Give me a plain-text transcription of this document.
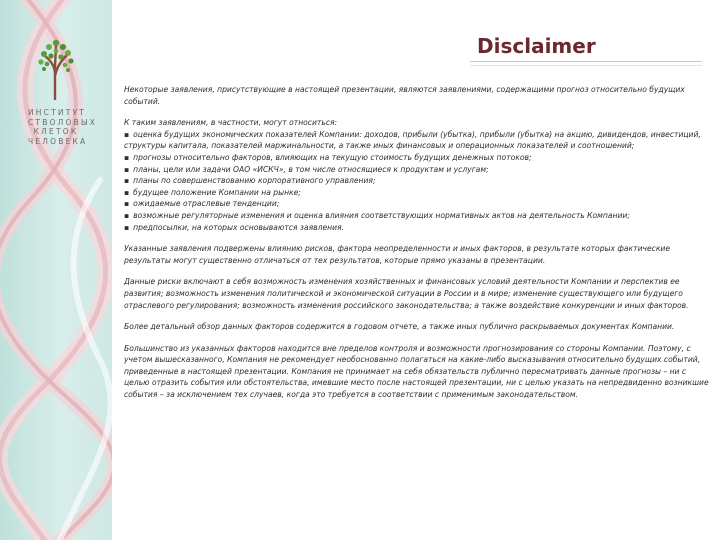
ИНСТИТУТ
СТВОЛОВЫХ
КЛЕТОК
ЧЕЛОВЕКА
Disclaimer

Некоторые заявления, присутствующие в настоящей презентации, являются заявлениями, содержащими прогноз относительно будущих событий.

К таким заявлениям, в частности, могут относиться:

▪ оценка будущих экономических показателей Компании: доходов, прибыли (убытка), прибыли (убытка) на акцию, дивидендов, инвестиций, структуры капитала, показателей маржинальности, а также иных финансовых и операционных показателей и соотношений;
▪ прогнозы относительно факторов, влияющих на текущую стоимость будущих денежных потоков;
▪ планы, цели или задачи ОАО «ИСКЧ», в том числе относящиеся к продуктам и услугам;
▪ планы по совершенствованию корпоративного управления;
▪ будущее положение Компании на рынке;
▪ ожидаемые отраслевые тенденции;
▪ возможные регуляторные изменения и оценка влияния соответствующих нормативных актов на деятельность Компании;
▪ предпосылки, на которых основываются заявления.

Указанные заявления подвержены влиянию рисков, фактора неопределенности и иных факторов, в результате которых фактические результаты могут существенно отличаться от тех результатов, которые прямо указаны в презентации.

Данные риски включают в себя возможность изменения хозяйственных и финансовых условий деятельности Компании и перспектив ее развития; возможность изменения политической и экономической ситуации в России и в мире; изменение существующего или будущего отраслевого регулирования; возможность изменения российского законодательства; а также воздействие конкуренции и иных факторов.

Более детальный обзор данных факторов содержится в годовом отчете, а также иных публично раскрываемых документах Компании.

Большинство из указанных факторов находится вне пределов контроля и возможности прогнозирования со стороны Компании. Поэтому, с учетом вышесказанного, Компания не рекомендует необоснованно полагаться на какие-либо высказывания относительно будущих событий, приведенные в настоящей презентации. Компания не принимает на себя обязательств публично пересматривать данные прогнозы – ни с целью отразить события или обстоятельства, имевшие место после настоящей презентации, ни с целью указать на непредвиденно возникшие события – за исключением тех случаев, когда это требуется в соответствии с применимым законодательством.
